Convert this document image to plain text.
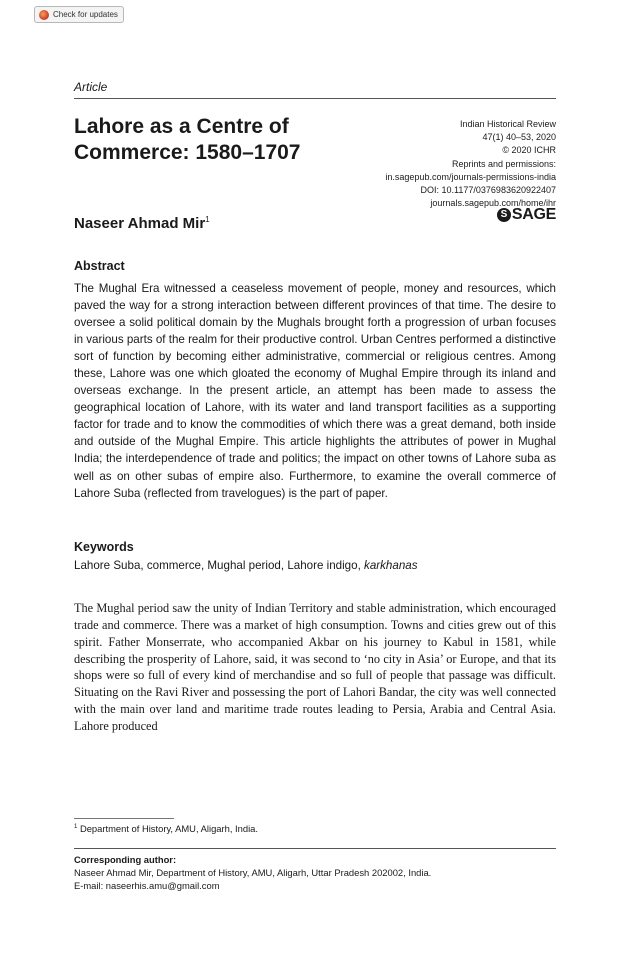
Check for updates
Article
Lahore as a Centre of
Commerce: 1580–1707
Indian Historical Review
47(1) 40–53, 2020
© 2020 ICHR
Reprints and permissions:
in.sagepub.com/journals-permissions-india
DOI: 10.1177/0376983620922407
journals.sagepub.com/home/ihr
S SAGE
Naseer Ahmad Mir$^1$
Abstract
The Mughal Era witnessed a ceaseless movement of people, money and resources, which paved the way for a strong interaction between different provinces of that time. The desire to oversee a solid political domain by the Mughals brought forth a progression of urban focuses in various parts of the realm for their productive control. Urban Centres performed a distinctive sort of function by becoming either administrative, commercial or religious centres. Among these, Lahore was one which gloated the economy of Mughal Empire through its inland and overseas exchange. In the present article, an attempt has been made to assess the geographical location of Lahore, with its water and land transport facilities as a supporting factor for trade and to know the commodities of which there was a great demand, both inside and outside of the Mughal Empire. This article highlights the attributes of power in Mughal India; the interdependence of trade and politics; the impact on other towns of Lahore suba as well as on other subas of empire also. Furthermore, to examine the overall commerce of Lahore Suba (reflected from travelogues) is the part of paper.
Keywords
Lahore Suba, commerce, Mughal period, Lahore indigo, karkhanas
The Mughal period saw the unity of Indian Territory and stable administration, which encouraged trade and commerce. There was a market of high consumption. Towns and cities grew out of this spirit. Father Monserrate, who accompanied Akbar on his journey to Kabul in 1581, while describing the prosperity of Lahore, said, it was second to ‘no city in Asia’ or Europe, and that its shops were so full of every kind of merchandise and so full of people that passage was difficult. Situating on the Ravi River and possessing the port of Lahori Bandar, the city was well connected with the main over land and maritime trade routes leading to Persia, Arabia and Central Asia. Lahore produced
$^1$ Department of History, AMU, Aligarh, India.
Corresponding author:
Naseer Ahmad Mir, Department of History, AMU, Aligarh, Uttar Pradesh 202002, India.
E-mail: naseerhis.amu@gmail.com
